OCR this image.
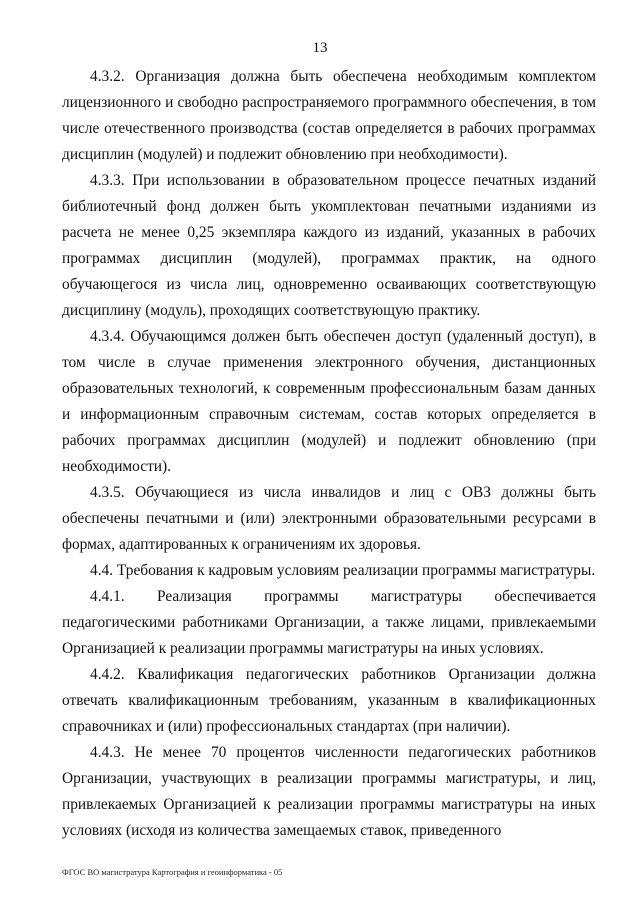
13

4.3.2. Организация должна быть обеспечена необходимым комплектом лицензионного и свободно распространяемого программного обеспечения, в том числе отечественного производства (состав определяется в рабочих программах дисциплин (модулей) и подлежит обновлению при необходимости).

4.3.3. При использовании в образовательном процессе печатных изданий библиотечный фонд должен быть укомплектован печатными изданиями из расчета не менее 0,25 экземпляра каждого из изданий, указанных в рабочих программах дисциплин (модулей), программах практик, на одного обучающегося из числа лиц, одновременно осваивающих соответствующую дисциплину (модуль), проходящих соответствующую практику.

4.3.4. Обучающимся должен быть обеспечен доступ (удаленный доступ), в том числе в случае применения электронного обучения, дистанционных образовательных технологий, к современным профессиональным базам данных и информационным справочным системам, состав которых определяется в рабочих программах дисциплин (модулей) и подлежит обновлению (при необходимости).

4.3.5. Обучающиеся из числа инвалидов и лиц с ОВЗ должны быть обеспечены печатными и (или) электронными образовательными ресурсами в формах, адаптированных к ограничениям их здоровья.

4.4. Требования к кадровым условиям реализации программы магистратуры.

4.4.1. Реализация программы магистратуры обеспечивается педагогическими работниками Организации, а также лицами, привлекаемыми Организацией к реализации программы магистратуры на иных условиях.

4.4.2. Квалификация педагогических работников Организации должна отвечать квалификационным требованиям, указанным в квалификационных справочниках и (или) профессиональных стандартах (при наличии).

4.4.3. Не менее 70 процентов численности педагогических работников Организации, участвующих в реализации программы магистратуры, и лиц, привлекаемых Организацией к реализации программы магистратуры на иных условиях (исходя из количества замещаемых ставок, приведенного

ФГОС ВО магистратура Картография и геоинформатика - 05
